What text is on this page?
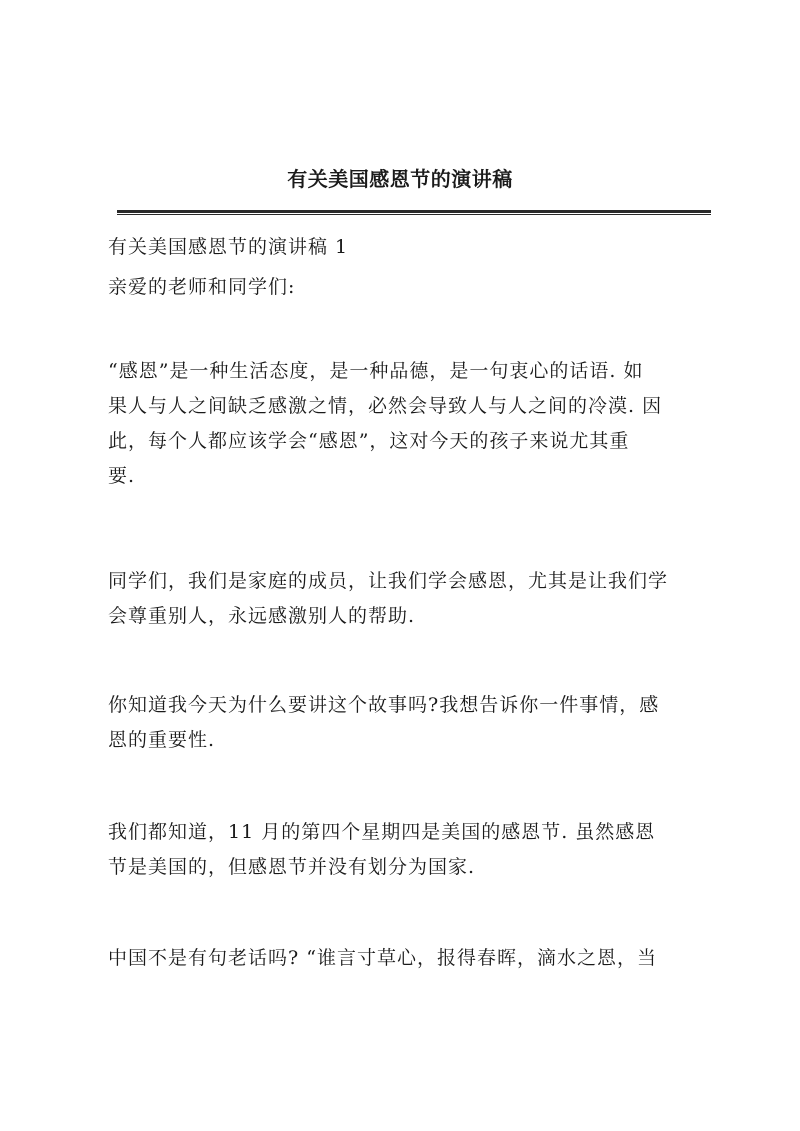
有关美国感恩节的演讲稿

有关美国感恩节的演讲稿 1

亲爱的老师和同学们:

“感恩”是一种生活态度，是一种品德，是一句衷心的话语. 如
果人与人之间缺乏感激之情，必然会导致人与人之间的冷漠. 因
此，每个人都应该学会“感恩”，这对今天的孩子来说尤其重
要.

同学们，我们是家庭的成员，让我们学会感恩，尤其是让我们学
会尊重别人，永远感激别人的帮助.

你知道我今天为什么要讲这个故事吗?我想告诉你一件事情，感
恩的重要性.

我们都知道，11 月的第四个星期四是美国的感恩节. 虽然感恩
节是美国的，但感恩节并没有划分为国家.

中国不是有句老话吗? “谁言寸草心，报得春晖，滴水之恩，当
